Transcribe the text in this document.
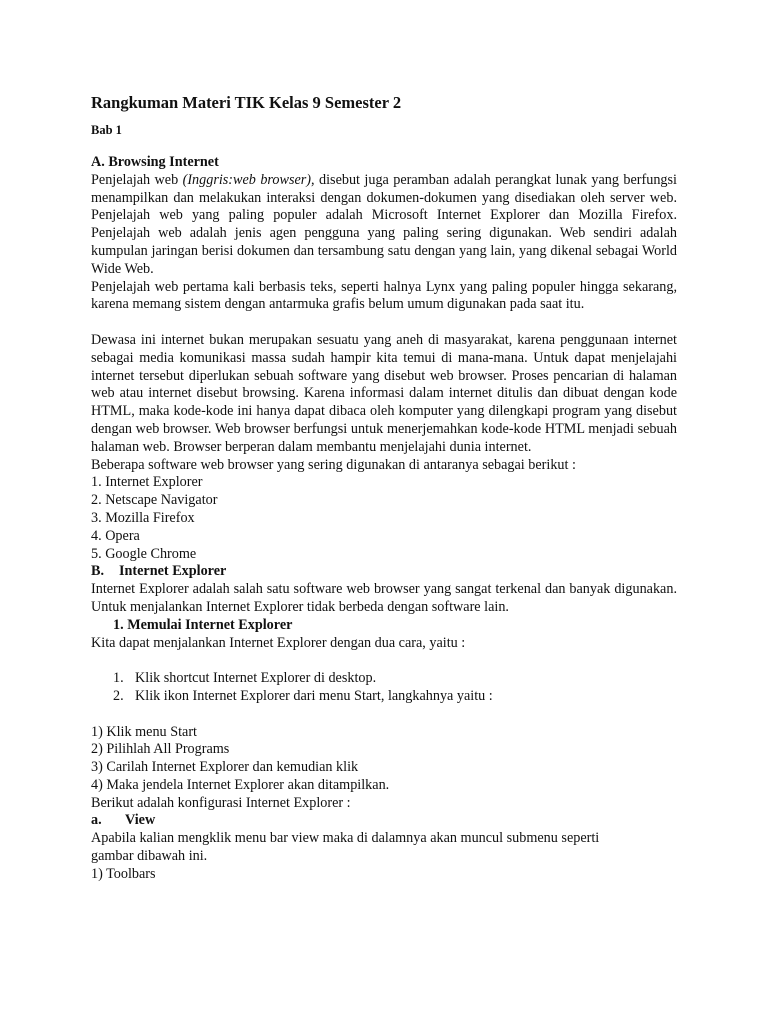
Rangkuman Materi TIK Kelas 9 Semester 2
Bab 1

A. Browsing Internet

Penjelajah web (Inggris:web browser), disebut juga peramban adalah perangkat lunak yang berfungsi menampilkan dan melakukan interaksi dengan dokumen-dokumen yang disediakan oleh server web. Penjelajah web yang paling populer adalah Microsoft Internet Explorer dan Mozilla Firefox. Penjelajah web adalah jenis agen pengguna yang paling sering digunakan. Web sendiri adalah kumpulan jaringan berisi dokumen dan tersambung satu dengan yang lain, yang dikenal sebagai World Wide Web.

Penjelajah web pertama kali berbasis teks, seperti halnya Lynx yang paling populer hingga sekarang, karena memang sistem dengan antarmuka grafis belum umum digunakan pada saat itu.

Dewasa ini internet bukan merupakan sesuatu yang aneh di masyarakat, karena penggunaan internet sebagai media komunikasi massa sudah hampir kita temui di mana-mana. Untuk dapat menjelajahi internet tersebut diperlukan sebuah software yang disebut web browser. Proses pencarian di halaman web atau internet disebut browsing. Karena informasi dalam internet ditulis dan dibuat dengan kode HTML, maka kode-kode ini hanya dapat dibaca oleh komputer yang dilengkapi program yang disebut dengan web browser. Web browser berfungsi untuk menerjemahkan kode-kode HTML menjadi sebuah halaman web. Browser berperan dalam membantu menjelajahi dunia internet.

Beberapa software web browser yang sering digunakan di antaranya sebagai berikut :

1. Internet Explorer

2. Netscape Navigator

3. Mozilla Firefox

4. Opera

5. Google Chrome

B. Internet Explorer

Internet Explorer adalah salah satu software web browser yang sangat terkenal dan banyak digunakan. Untuk menjalankan Internet Explorer tidak berbeda dengan software lain.

1. Memulai Internet Explorer

Kita dapat menjalankan Internet Explorer dengan dua cara, yaitu :

1. Klik shortcut Internet Explorer di desktop.
2. Klik ikon Internet Explorer dari menu Start, langkahnya yaitu :

1) Klik menu Start

2) Pilihlah All Programs

3) Carilah Internet Explorer dan kemudian klik

4) Maka jendela Internet Explorer akan ditampilkan.

Berikut adalah konfigurasi Internet Explorer :

a. View

Apabila kalian mengklik menu bar view maka di dalamnya akan muncul submenu seperti gambar dibawah ini.

1) Toolbars
